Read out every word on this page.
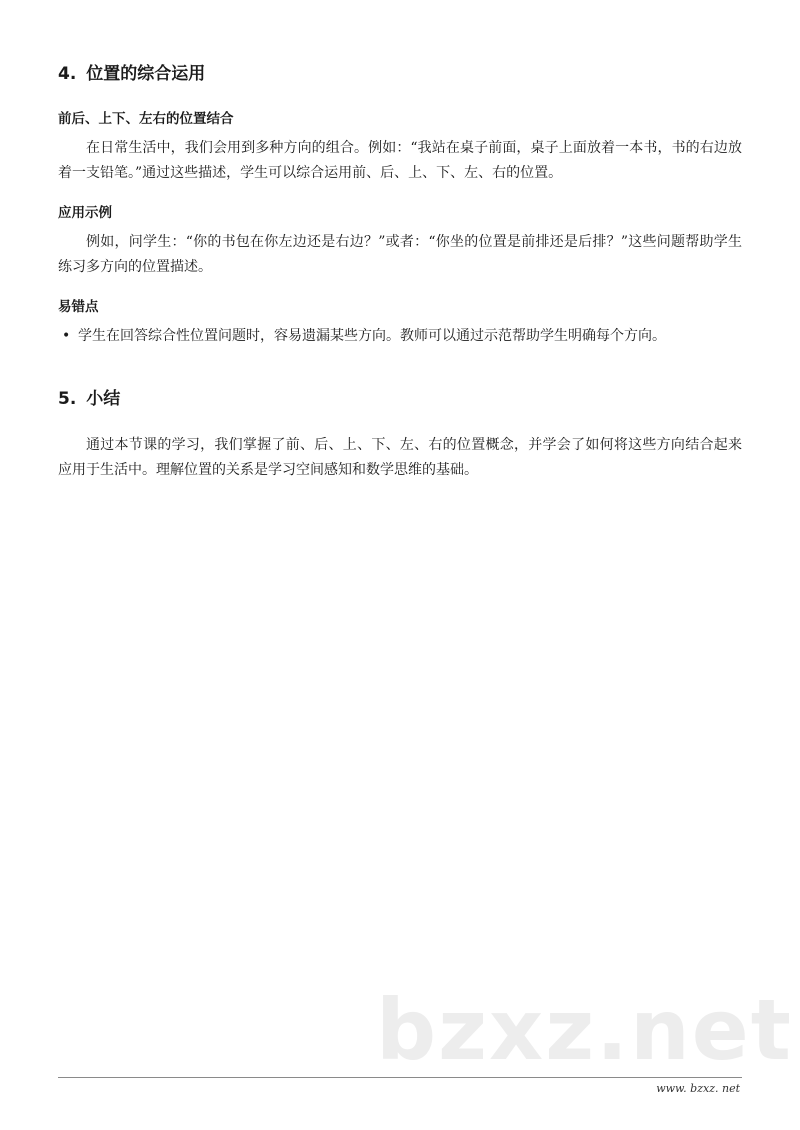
4. 位置的综合运用
前后、上下、左右的位置结合

在日常生活中，我们会用到多种方向的组合。例如：“我站在桌子前面，桌子上面放着一本书，书的右边放着一支铅笔。”通过这些描述，学生可以综合运用前、后、上、下、左、右的位置。

应用示例

例如，问学生：“你的书包在你左边还是右边？”或者：“你坐的位置是前排还是后排？”这些问题帮助学生练习多方向的位置描述。

易错点
• 学生在回答综合性位置问题时，容易遗漏某些方向。教师可以通过示范帮助学生明确每个方向。
5. 小结

通过本节课的学习，我们掌握了前、后、上、下、左、右的位置概念，并学会了如何将这些方向结合起来应用于生活中。理解位置的关系是学习空间感知和数学思维的基础。

bzxz.net
www. bzxz. net
